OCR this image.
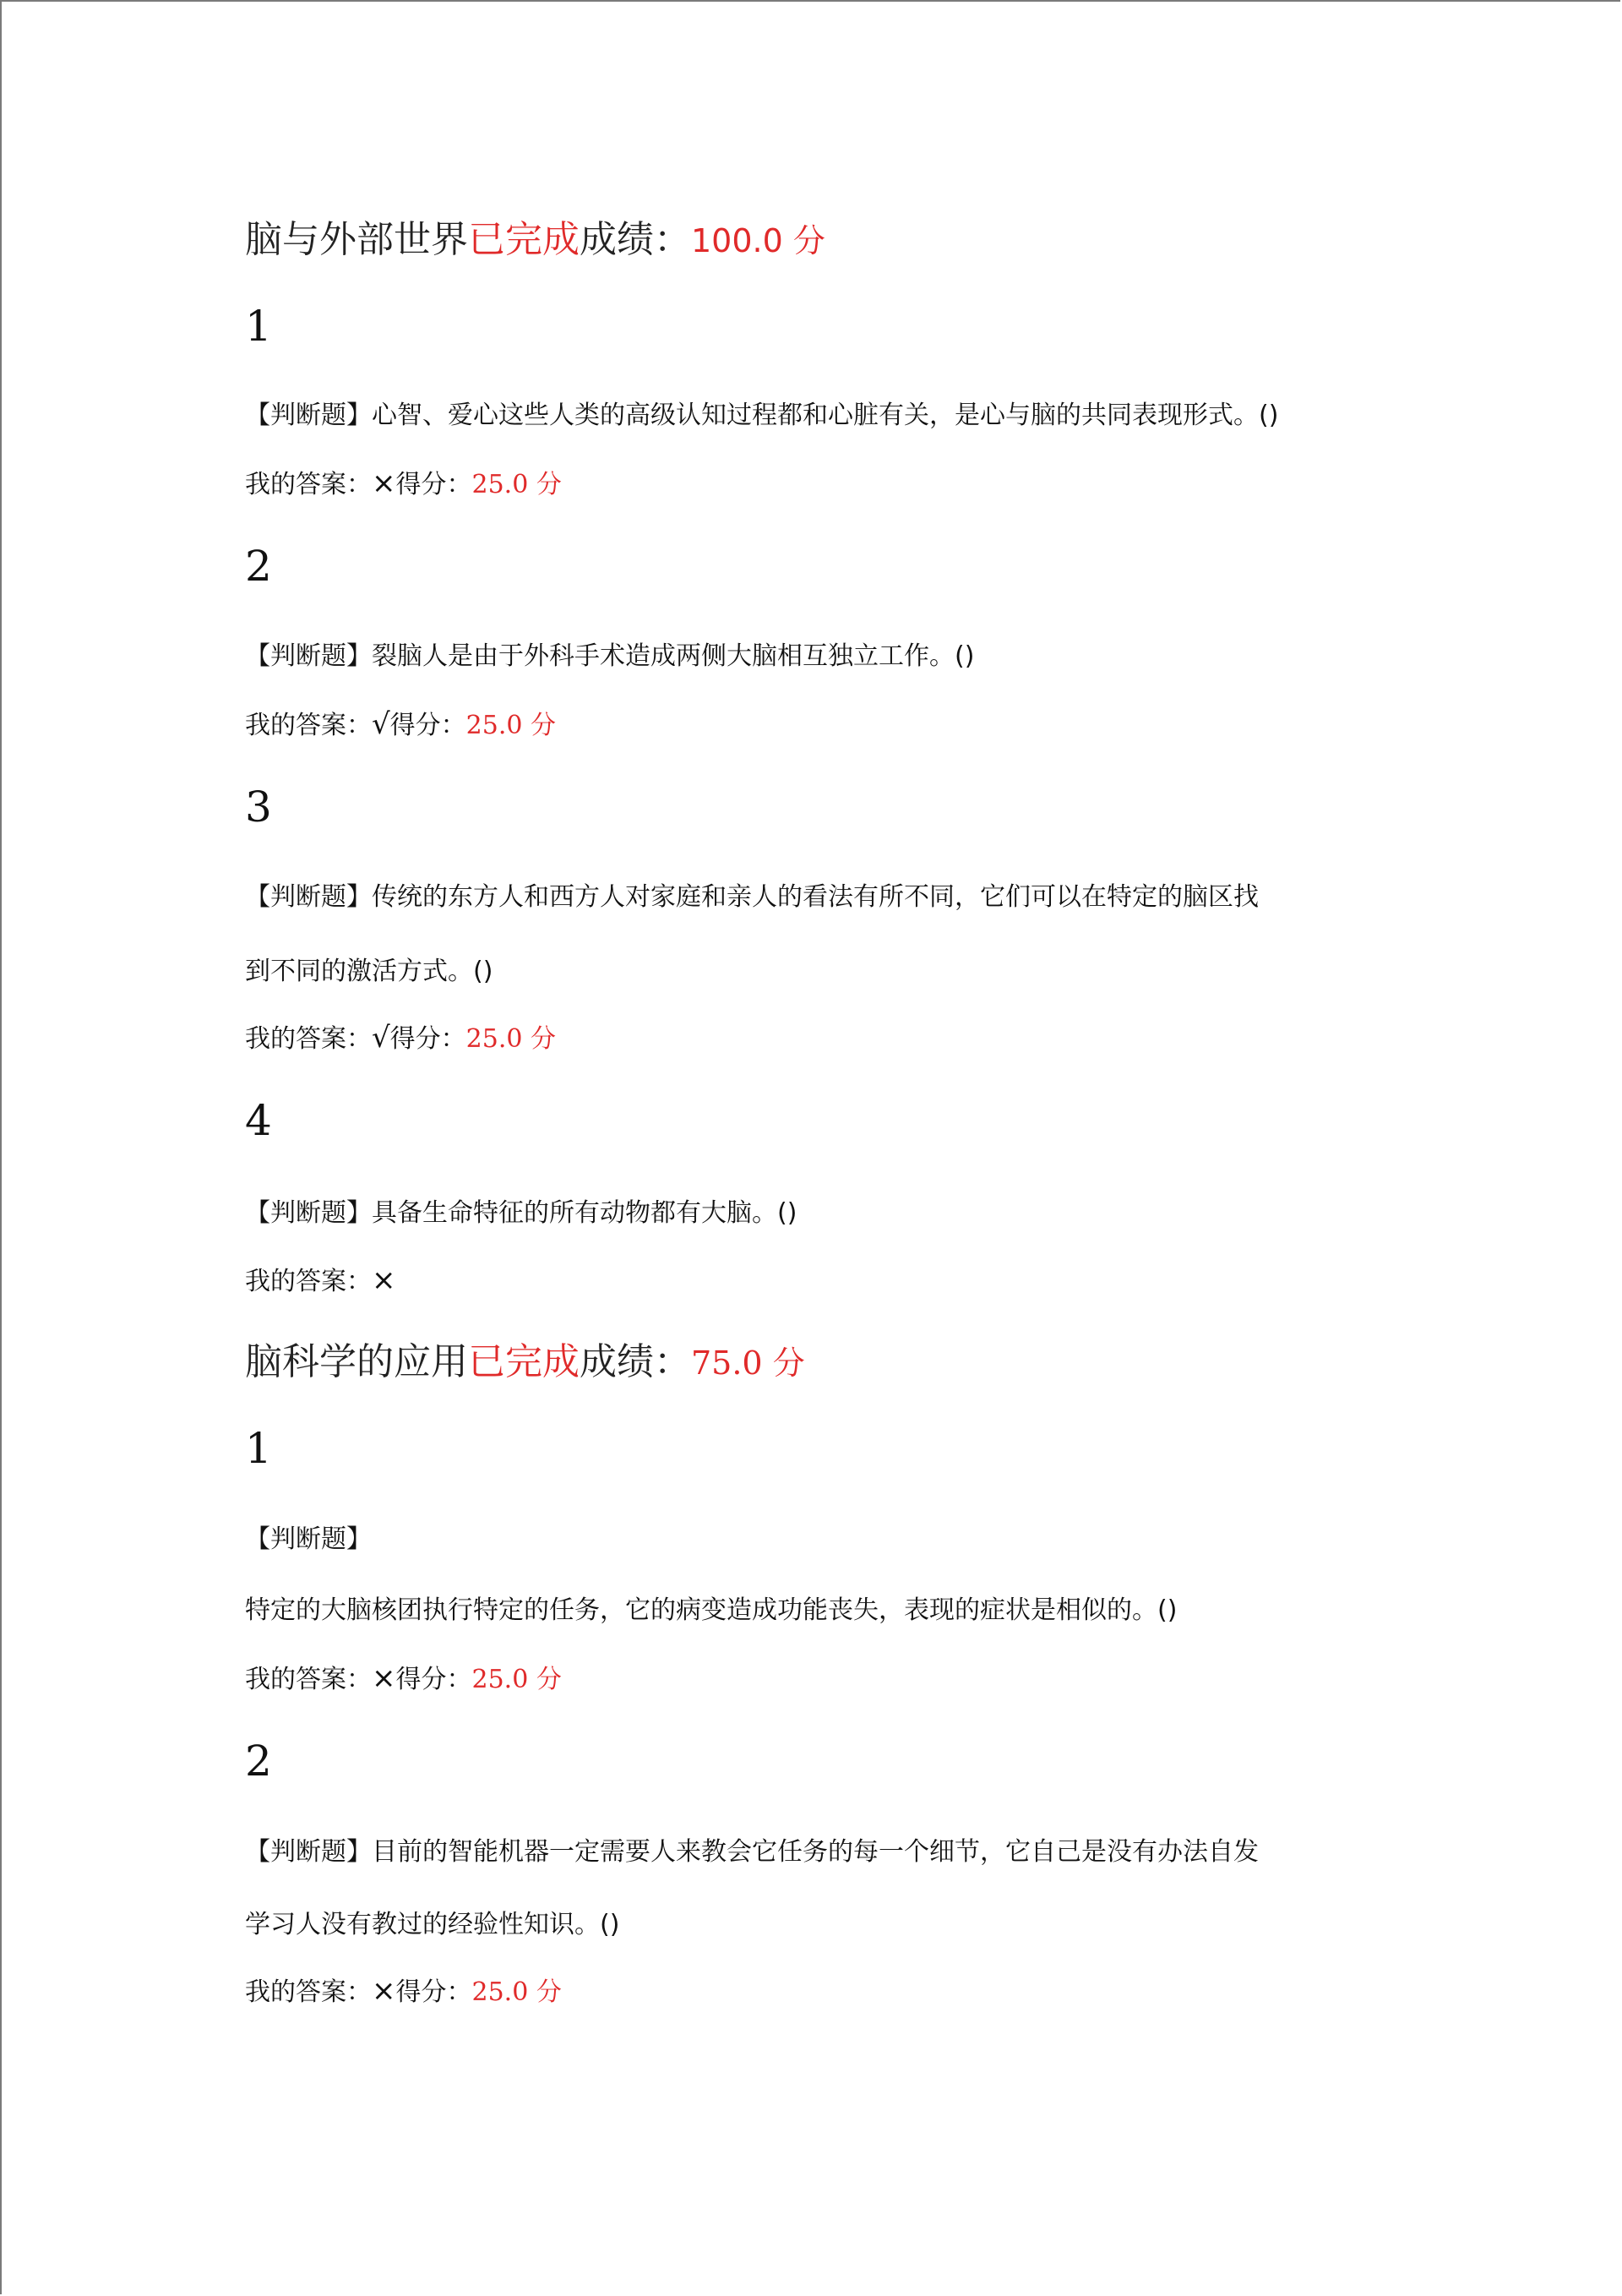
脑与外部世界已完成成绩：100.0 分
1
【判断题】心智、爱心这些人类的高级认知过程都和心脏有关，是心与脑的共同表现形式。()
我的答案：×得分：25.0 分
2
【判断题】裂脑人是由于外科手术造成两侧大脑相互独立工作。()
我的答案：√得分：25.0 分
3
【判断题】传统的东方人和西方人对家庭和亲人的看法有所不同，它们可以在特定的脑区找
到不同的激活方式。()
我的答案：√得分：25.0 分
4
【判断题】具备生命特征的所有动物都有大脑。()
我的答案：×
脑科学的应用已完成成绩：75.0 分
1
【判断题】
特定的大脑核团执行特定的任务，它的病变造成功能丧失，表现的症状是相似的。()
我的答案：×得分：25.0 分
2
【判断题】目前的智能机器一定需要人来教会它任务的每一个细节，它自己是没有办法自发
学习人没有教过的经验性知识。()
我的答案：×得分：25.0 分
